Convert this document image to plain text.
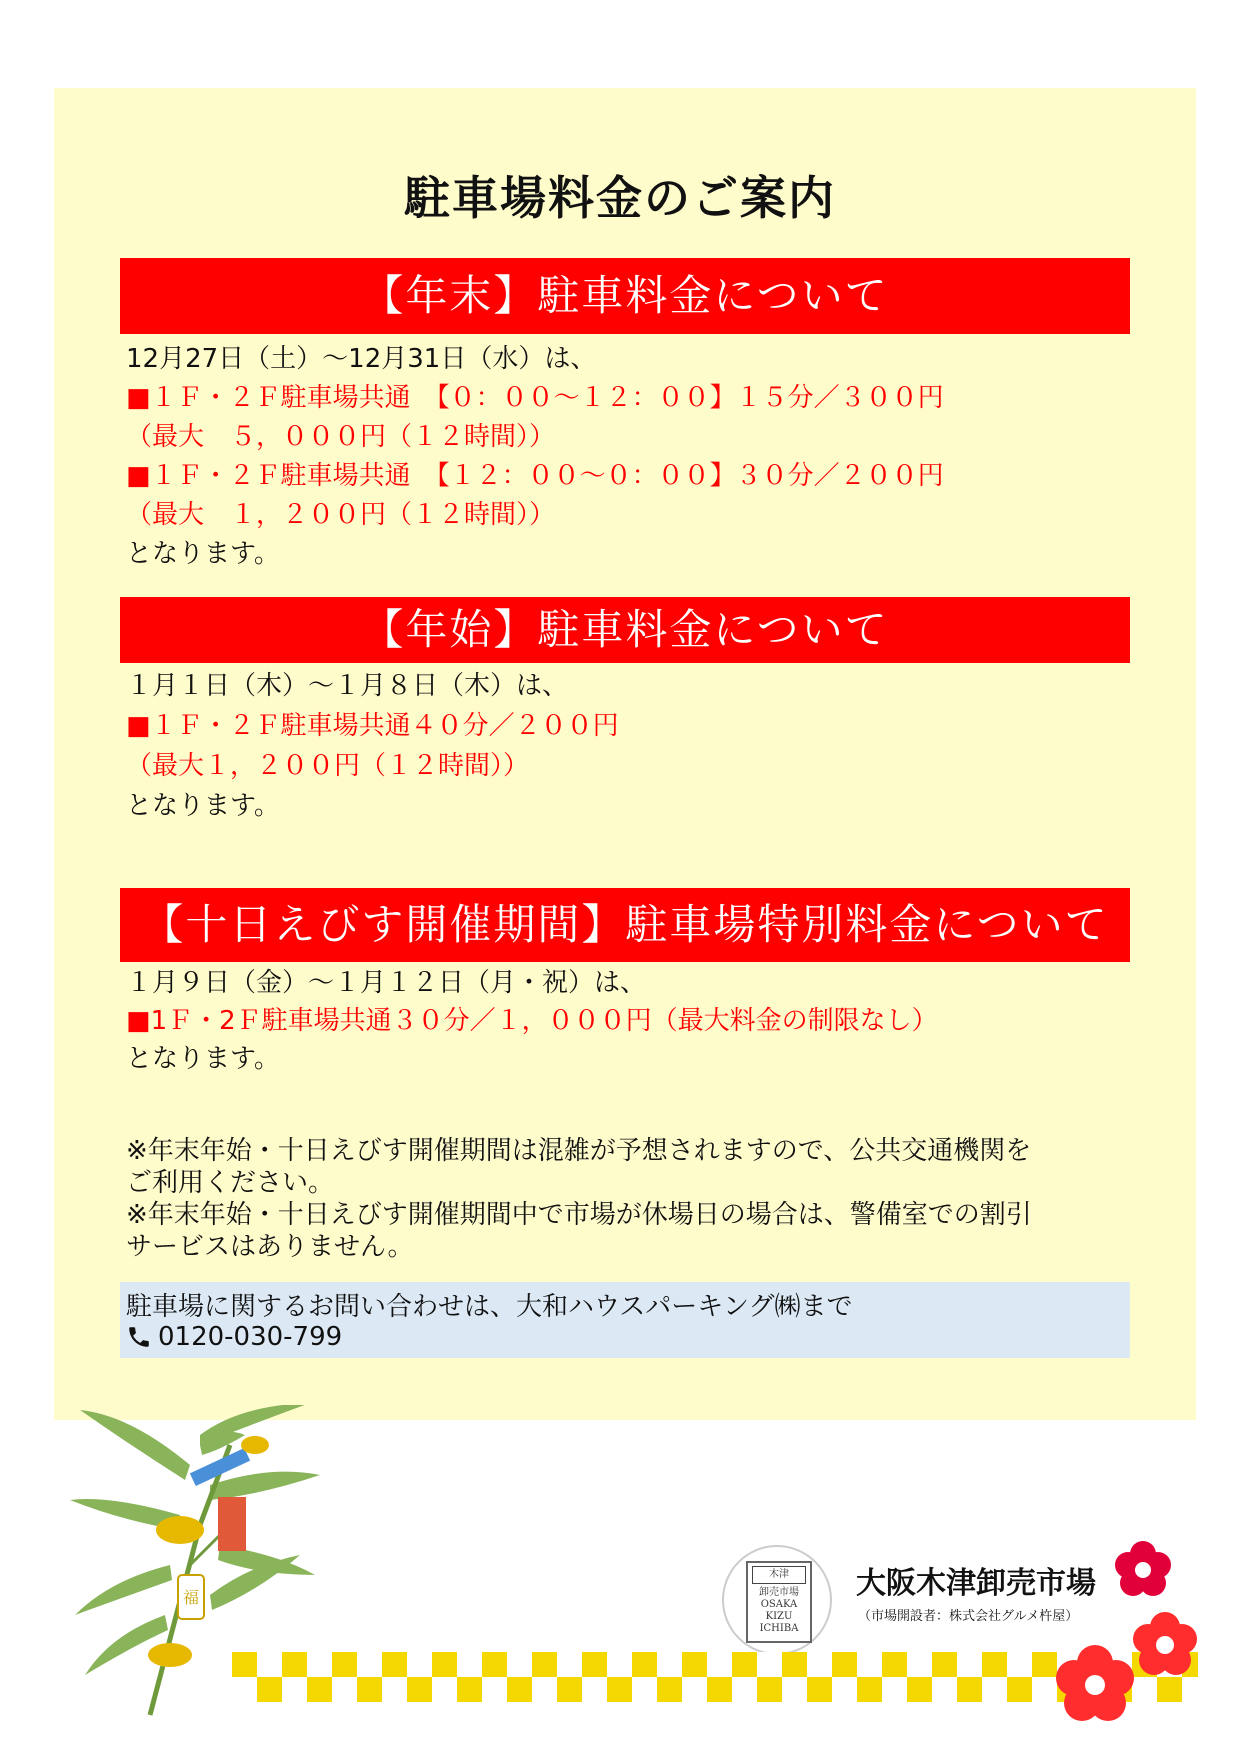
駐車場料金のご案内
【年末】駐車料金について
12月27日（土）～12月31日（水）は、
■１Ｆ・２Ｆ駐車場共通　【０：００～１２：００】１５分／３００円
（最大　５，０００円（１２時間））
■１Ｆ・２Ｆ駐車場共通　【１２：００～０：００】３０分／２００円
（最大　１，２００円（１２時間））
となります。
【年始】駐車料金について
１月１日（木）～１月８日（木）は、
■１Ｆ・２Ｆ駐車場共通４０分／２００円
（最大１，２００円（１２時間））
となります。
【十日えびす開催期間】駐車場特別料金について
１月９日（金）～１月１２日（月・祝）は、
■1Ｆ・2Ｆ駐車場共通３０分／１，０００円（最大料金の制限なし）
となります。
※年末年始・十日えびす開催期間は混雑が予想されますので、公共交通機関を
ご利用ください。
※年末年始・十日えびす開催期間中で市場が休場日の場合は、警備室での割引
サービスはありません。
駐車場に関するお問い合わせは、大和ハウスパーキング㈱まで
0120-030-799
福
木津
卸売市場
OSAKA
KIZU
ICHIBA
大阪木津卸売市場
（市場開設者：株式会社グルメ杵屋）
